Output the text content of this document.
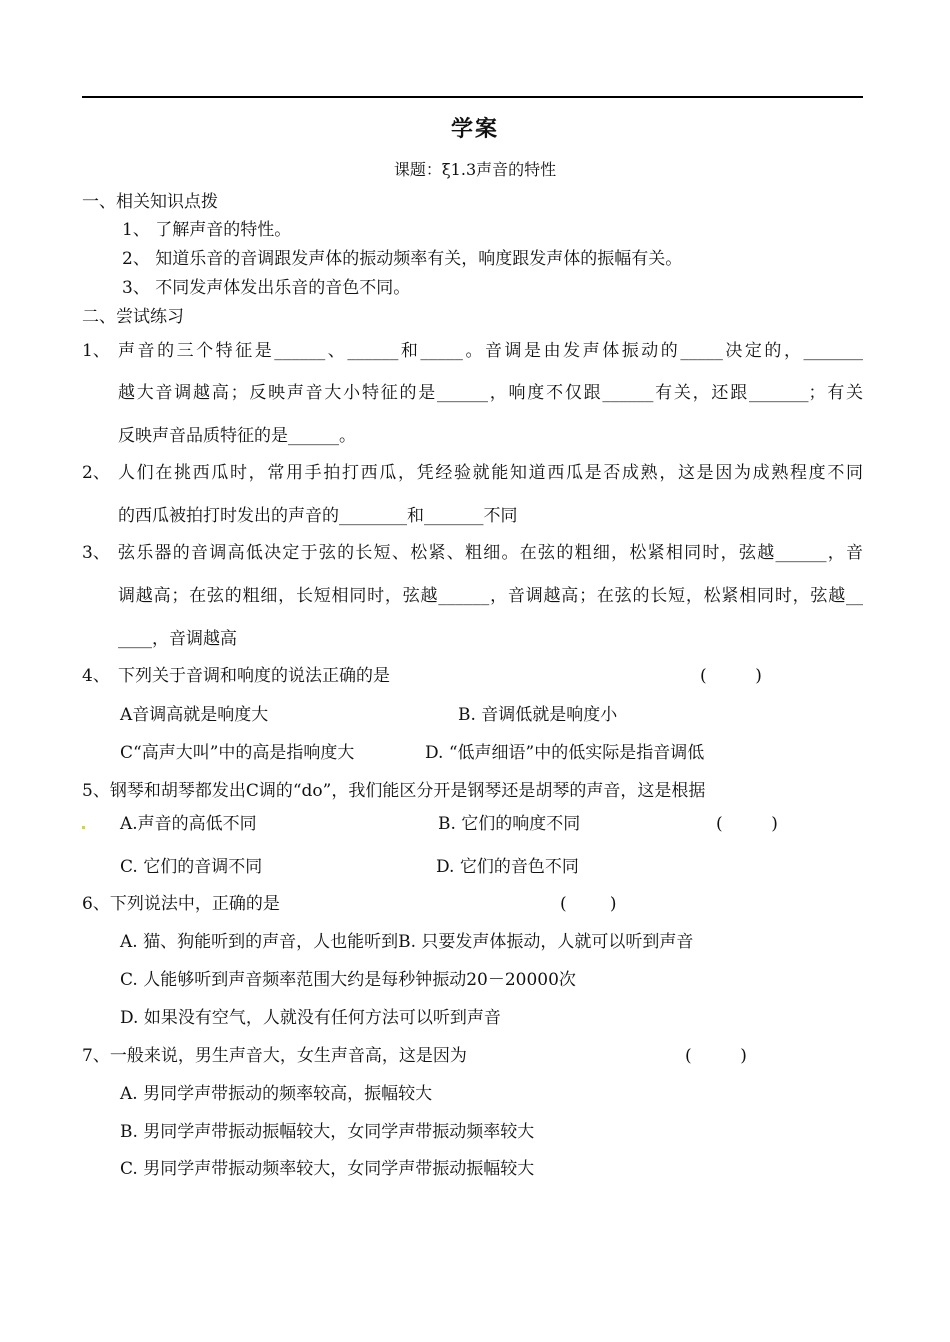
学案
课题：ξ1.3声音的特性
一、相关知识点拨
1、 了解声音的特性。
2、 知道乐音的音调跟发声体的振动频率有关，响度跟发声体的振幅有关。
3、 不同发声体发出乐音的音色不同。
二、尝试练习
1、 声音的三个特征是______、______和_____。音调是由发声体振动的_____决定的，_______
越大音调越高；反映声音大小特征的是______，响度不仅跟______有关，还跟_______；有关
反映声音品质特征的是______。
2、 人们在挑西瓜时，常用手拍打西瓜，凭经验就能知道西瓜是否成熟，这是因为成熟程度不同
的西瓜被拍打时发出的声音的________和_______不同
3、 弦乐器的音调高低决定于弦的长短、松紧、粗细。在弦的粗细，松紧相同时，弦越______，音
调越高；在弦的粗细，长短相同时，弦越______，音调越高；在弦的长短，松紧相同时，弦越__
____，音调越高
4、 下列关于音调和响度的说法正确的是	(         )
A音调高就是响度大	B. 音调低就是响度小
C“高声大叫”中的高是指响度大	D. “低声细语”中的低实际是指音调低
5、钢琴和胡琴都发出C调的“do”，我们能区分开是钢琴还是胡琴的声音，这是根据
A.声音的高低不同	B. 它们的响度不同	(         )
C. 它们的音调不同	D. 它们的音色不同
6、下列说法中，正确的是	(        )
A. 猫、狗能听到的声音，人也能听到B. 只要发声体振动，人就可以听到声音
C. 人能够听到声音频率范围大约是每秒钟振动20－20000次
D. 如果没有空气，人就没有任何方法可以听到声音
7、一般来说，男生声音大，女生声音高，这是因为	(         )
A. 男同学声带振动的频率较高，振幅较大
B. 男同学声带振动振幅较大，女同学声带振动频率较大
C. 男同学声带振动频率较大，女同学声带振动振幅较大
